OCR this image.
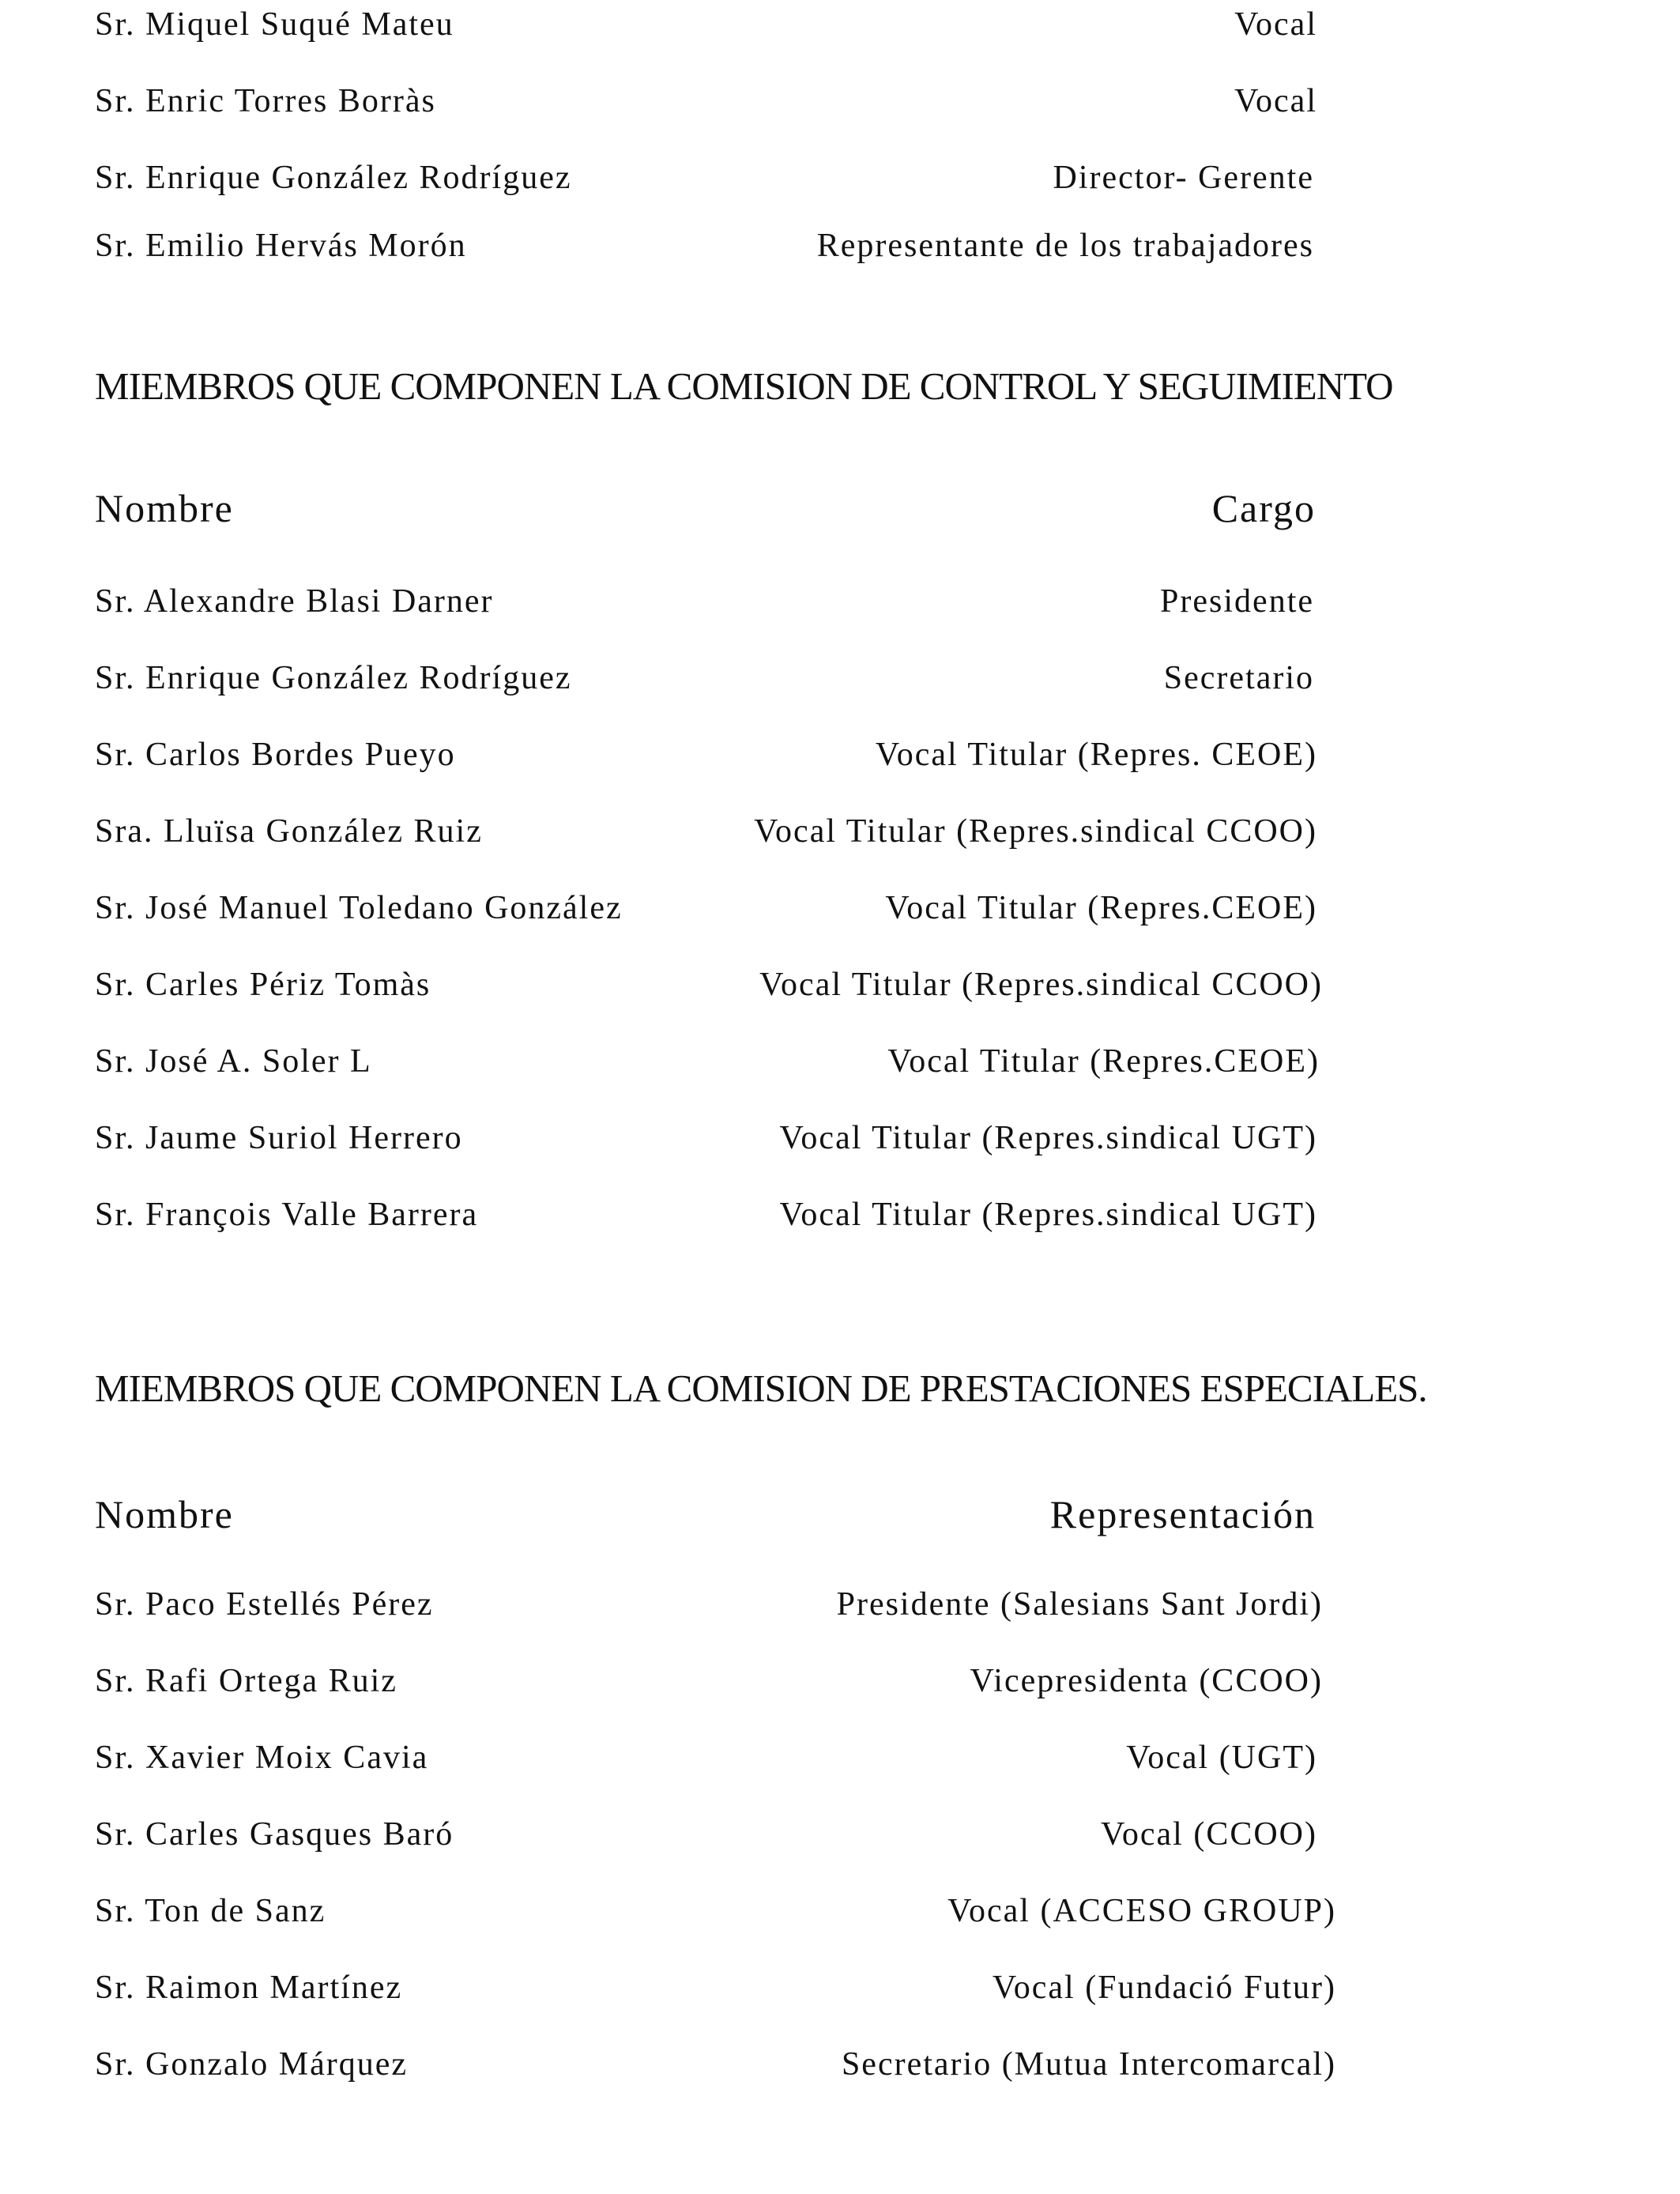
Sr. Miquel Suqué Mateu	Vocal
Sr. Enric Torres Borràs	Vocal
Sr. Enrique González Rodríguez	Director- Gerente
Sr. Emilio Hervás Morón	Representante de los trabajadores
MIEMBROS QUE COMPONEN LA COMISION DE CONTROL Y SEGUIMIENTO
Nombre	Cargo
Sr. Alexandre Blasi Darner	Presidente
Sr. Enrique González Rodríguez	Secretario
Sr. Carlos Bordes Pueyo	Vocal Titular (Repres. CEOE)
Sra. Lluïsa González Ruiz	Vocal Titular (Repres.sindical CCOO)
Sr. José Manuel Toledano González	Vocal Titular (Repres.CEOE)
Sr. Carles Périz Tomàs	Vocal Titular (Repres.sindical CCOO)
Sr. José A. Soler L	Vocal Titular (Repres.CEOE)
Sr. Jaume Suriol Herrero	Vocal Titular (Repres.sindical UGT)
Sr. François Valle Barrera	Vocal Titular (Repres.sindical UGT)
MIEMBROS QUE COMPONEN LA COMISION DE PRESTACIONES ESPECIALES.
Nombre	Representación
Sr. Paco Estellés Pérez	Presidente (Salesians Sant Jordi)
Sr. Rafi Ortega Ruiz	Vicepresidenta (CCOO)
Sr. Xavier Moix Cavia	Vocal (UGT)
Sr. Carles Gasques Baró	Vocal (CCOO)
Sr. Ton de Sanz	Vocal (ACCESO GROUP)
Sr. Raimon Martínez	Vocal (Fundació Futur)
Sr. Gonzalo Márquez	Secretario (Mutua Intercomarcal)
